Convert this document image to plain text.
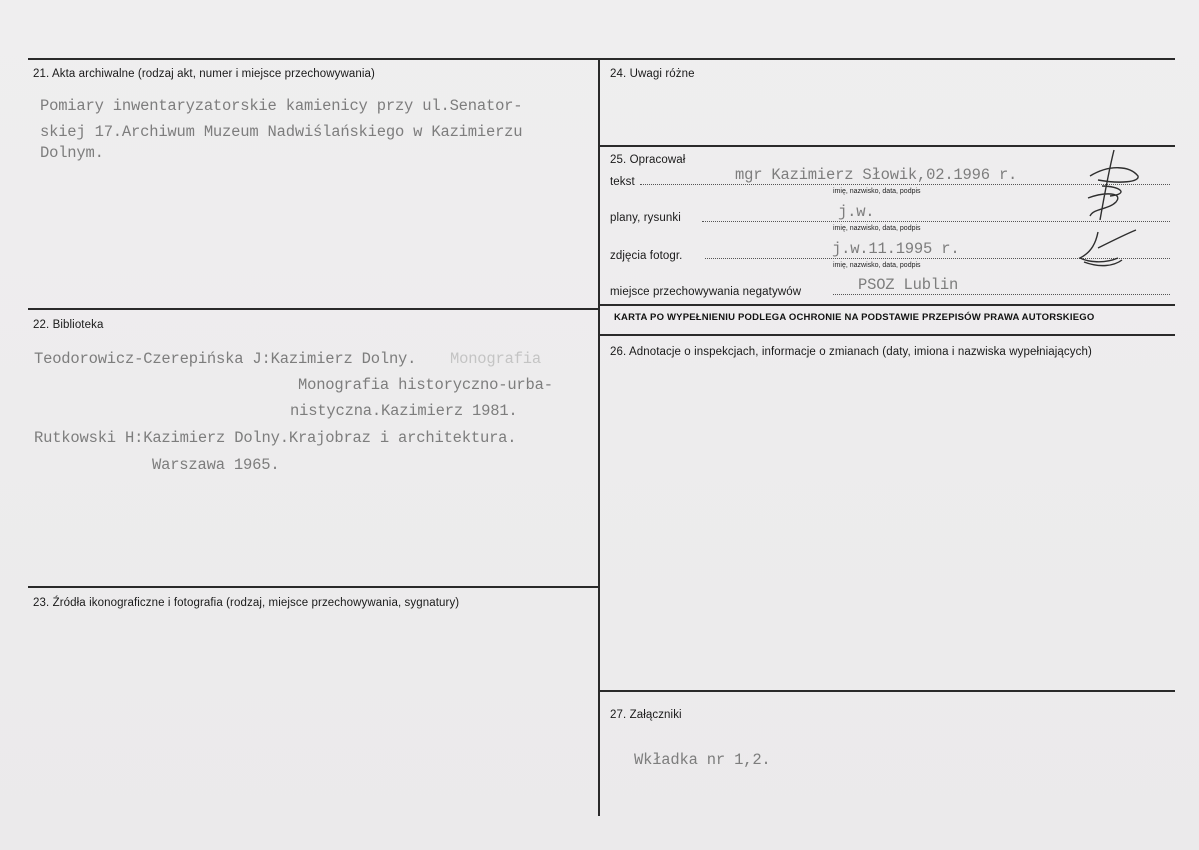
21. Akta archiwalne (rodzaj akt, numer i miejsce przechowywania)
Pomiary inwentaryzatorskie kamienicy przy ul.Senator-
skiej 17.Archiwum Muzeum Nadwiślańskiego w Kazimierzu
Dolnym.
22. Biblioteka
Teodorowicz-Czerepińska J:Kazimierz Dolny. Monografia
Monografia historyczno-urba-
nistyczna.Kazimierz 1981.
Rutkowski H:Kazimierz Dolny.Krajobraz i architektura.
Warszawa 1965.
23. Źródła ikonograficzne i fotografia (rodzaj, miejsce przechowywania, sygnatury)
24. Uwagi różne
25. Opracował
tekst	mgr Kazimierz Słowik,02.1996 r.
imię, nazwisko, data, podpis
plany, rysunki	j.w.
imię, nazwisko, data, podpis
zdjęcia fotogr.	j.w.11.1995 r.
imię, nazwisko, data, podpis
miejsce przechowywania negatywów	PSOZ Lublin
KARTA PO WYPEŁNIENIU PODLEGA OCHRONIE NA PODSTAWIE PRZEPISÓW PRAWA AUTORSKIEGO
26. Adnotacje o inspekcjach, informacje o zmianach (daty, imiona i nazwiska wypełniających)
27. Załączniki
Wkładka nr 1,2.
